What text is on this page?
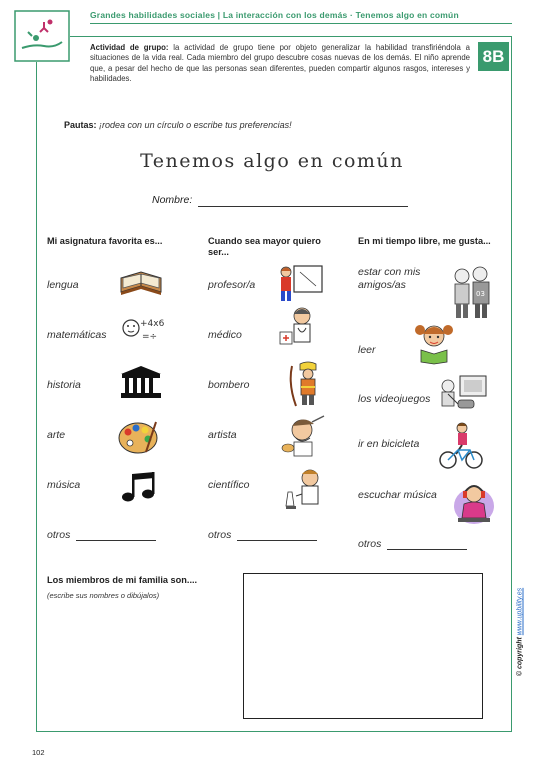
Grandes habilidades sociales | La interacción con los demás · Tenemos algo en común
8B
Actividad de grupo: la actividad de grupo tiene por objeto generalizar la habilidad transfiriéndola a situaciones de la vida real. Cada miembro del grupo descubre cosas nuevas de los demás. El niño aprende que, a pesar del hecho de que las personas sean diferentes, pueden compartir algunos rasgos, intereses y habilidades.
Pautas: ¡rodea con un círculo o escribe tus preferencias!
Tenemos algo en común
Nombre:
Mi asignatura favorita es...
lengua
matemáticas
historia
arte
música
otros
+4x6
=÷
Cuando sea mayor quiero ser...
profesor/a
médico
bombero
artista
científico
otros
En mi tiempo libre, me gusta...
estar con mis amigos/as
leer
los videojuegos
ir en bicicleta
escuchar música
otros
03
Los miembros de mi familia son....
(escribe sus nombres o dibújalos)
© copyright www.upbility.es
102
